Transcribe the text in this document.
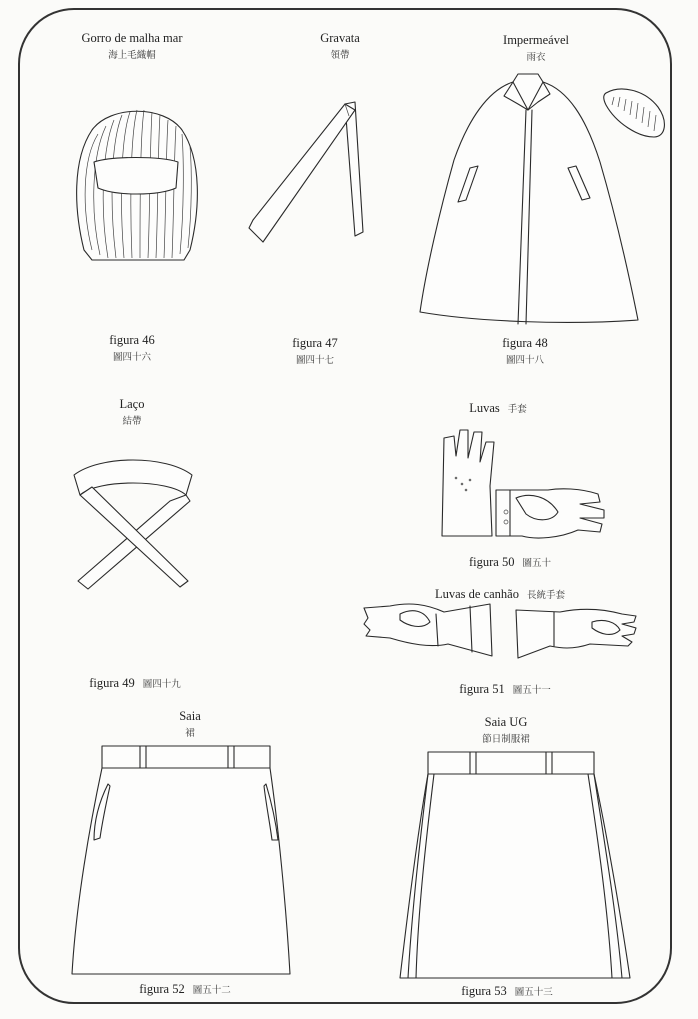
Gorro de malha mar
海上毛織帽
figura 46
圖四十六
Gravata
領帶
figura 47
圖四十七
Impermeável
雨衣
figura 48
圖四十八
Laço
結帶
figura 49 圖四十九
Luvas 手套
figura 50 圖五十
Luvas de canhão 長統手套
figura 51 圖五十一
Saia
裙
figura 52 圖五十二
Saia UG
節日制服裙
figura 53 圖五十三
